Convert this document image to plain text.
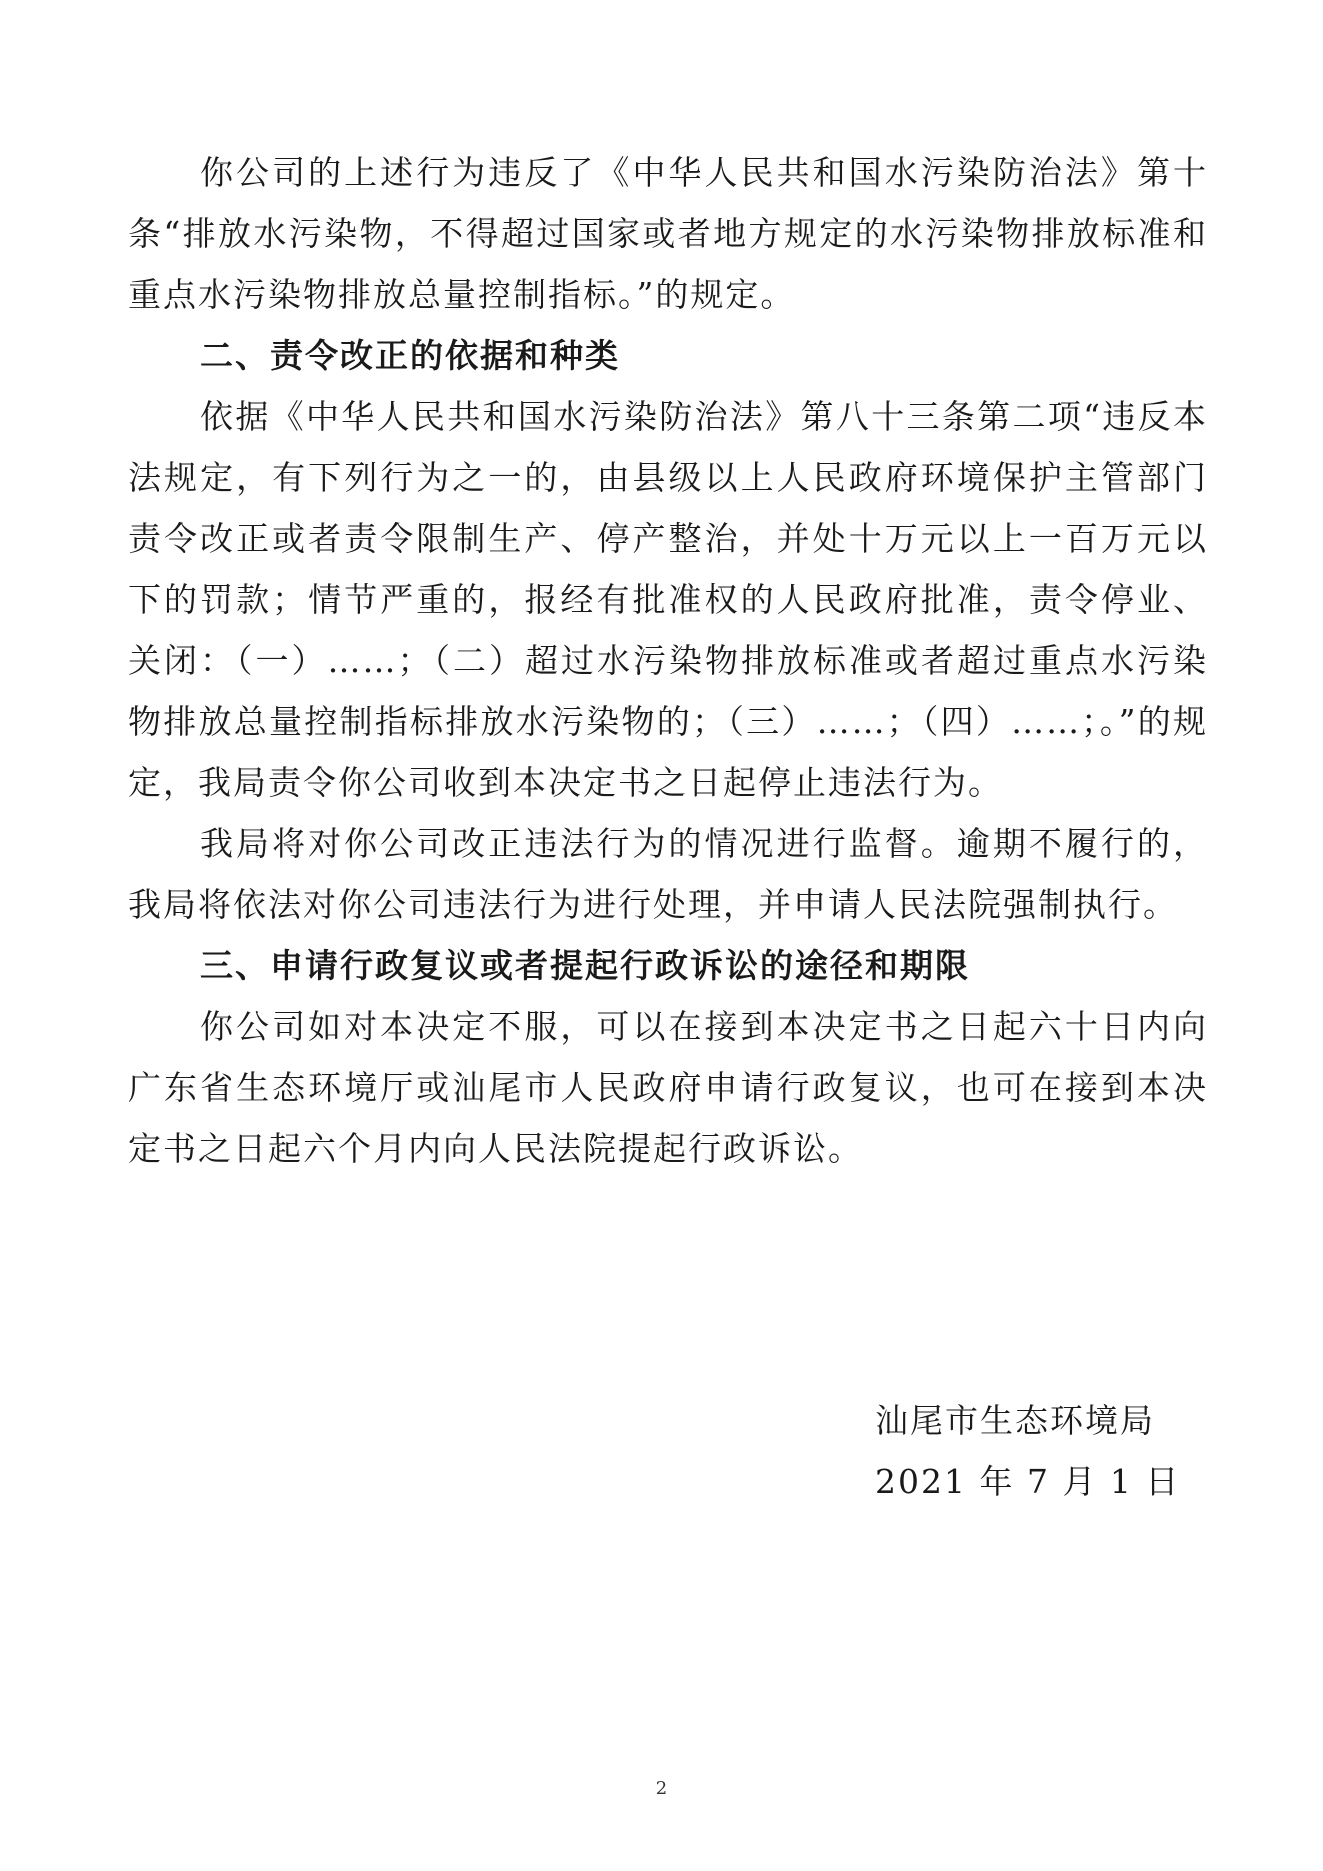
你公司的上述行为违反了《中华人民共和国水污染防治法》第十条“排放水污染物，不得超过国家或者地方规定的水污染物排放标准和重点水污染物排放总量控制指标。”的规定。

二、责令改正的依据和种类

依据《中华人民共和国水污染防治法》第八十三条第二项“违反本法规定，有下列行为之一的，由县级以上人民政府环境保护主管部门责令改正或者责令限制生产、停产整治，并处十万元以上一百万元以下的罚款；情节严重的，报经有批准权的人民政府批准，责令停业、关闭：（一）……；（二）超过水污染物排放标准或者超过重点水污染物排放总量控制指标排放水污染物的；（三）……；（四）……；。”的规定，我局责令你公司收到本决定书之日起停止违法行为。

我局将对你公司改正违法行为的情况进行监督。逾期不履行的，我局将依法对你公司违法行为进行处理，并申请人民法院强制执行。

三、申请行政复议或者提起行政诉讼的途径和期限

你公司如对本决定不服，可以在接到本决定书之日起六十日内向广东省生态环境厅或汕尾市人民政府申请行政复议，也可在接到本决定书之日起六个月内向人民法院提起行政诉讼。

汕尾市生态环境局
2021 年 7 月 1 日
2
